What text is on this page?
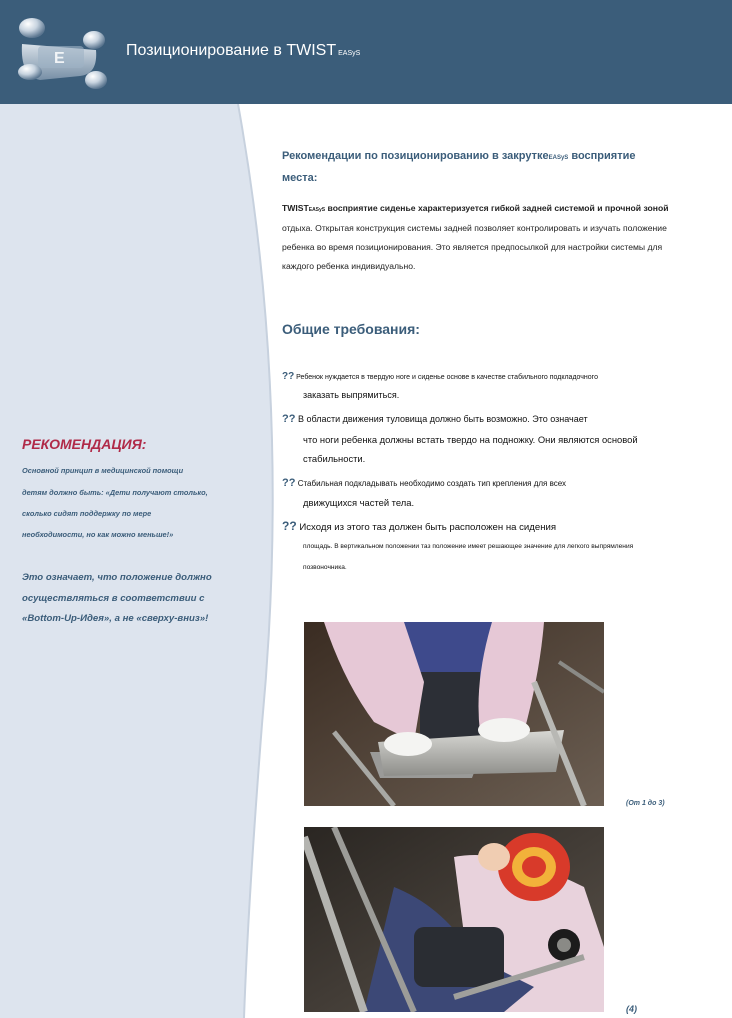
E	Позиционирование в TWIST EASyS
РЕКОМЕНДАЦИЯ:
Основной принцип в медицинской помощи
детям должно быть: «Дети получают столько,
сколько сидят поддержку по мере
необходимости, но как можно меньше!»
Это означает, что положение должно
осуществляться в соответствии с
«Bottom-Up-Идея», а не «сверху-вниз»!
Рекомендации по позиционированию в закруткеEASyS восприятие
места:
TWISTEASyS восприятие сиденье характеризуется гибкой задней системой и прочной зоной
отдыха. Открытая конструкция системы задней позволяет контролировать и изучать положение
ребенка во время позиционирования. Это является предпосылкой для настройки системы для
каждого ребенка индивидуально.
Общие требования:
?? Ребенок нуждается в твердую ноге и сиденье основе в качестве стабильного подкладочного
заказать выпрямиться.
?? В области движения туловища должно быть возможно. Это означает
что ноги ребенка должны встать твердо на подножку. Они являются основой
стабильности.
?? Стабильная подкладывать необходимо создать тип крепления для всех
движущихся частей тела.
?? Исходя из этого таз должен быть расположен на сидения
площадь. В вертикальном положении таз положение имеет решающее значение для легкого выпрямления
позвоночника.
(От 1 до 3)
(4)
